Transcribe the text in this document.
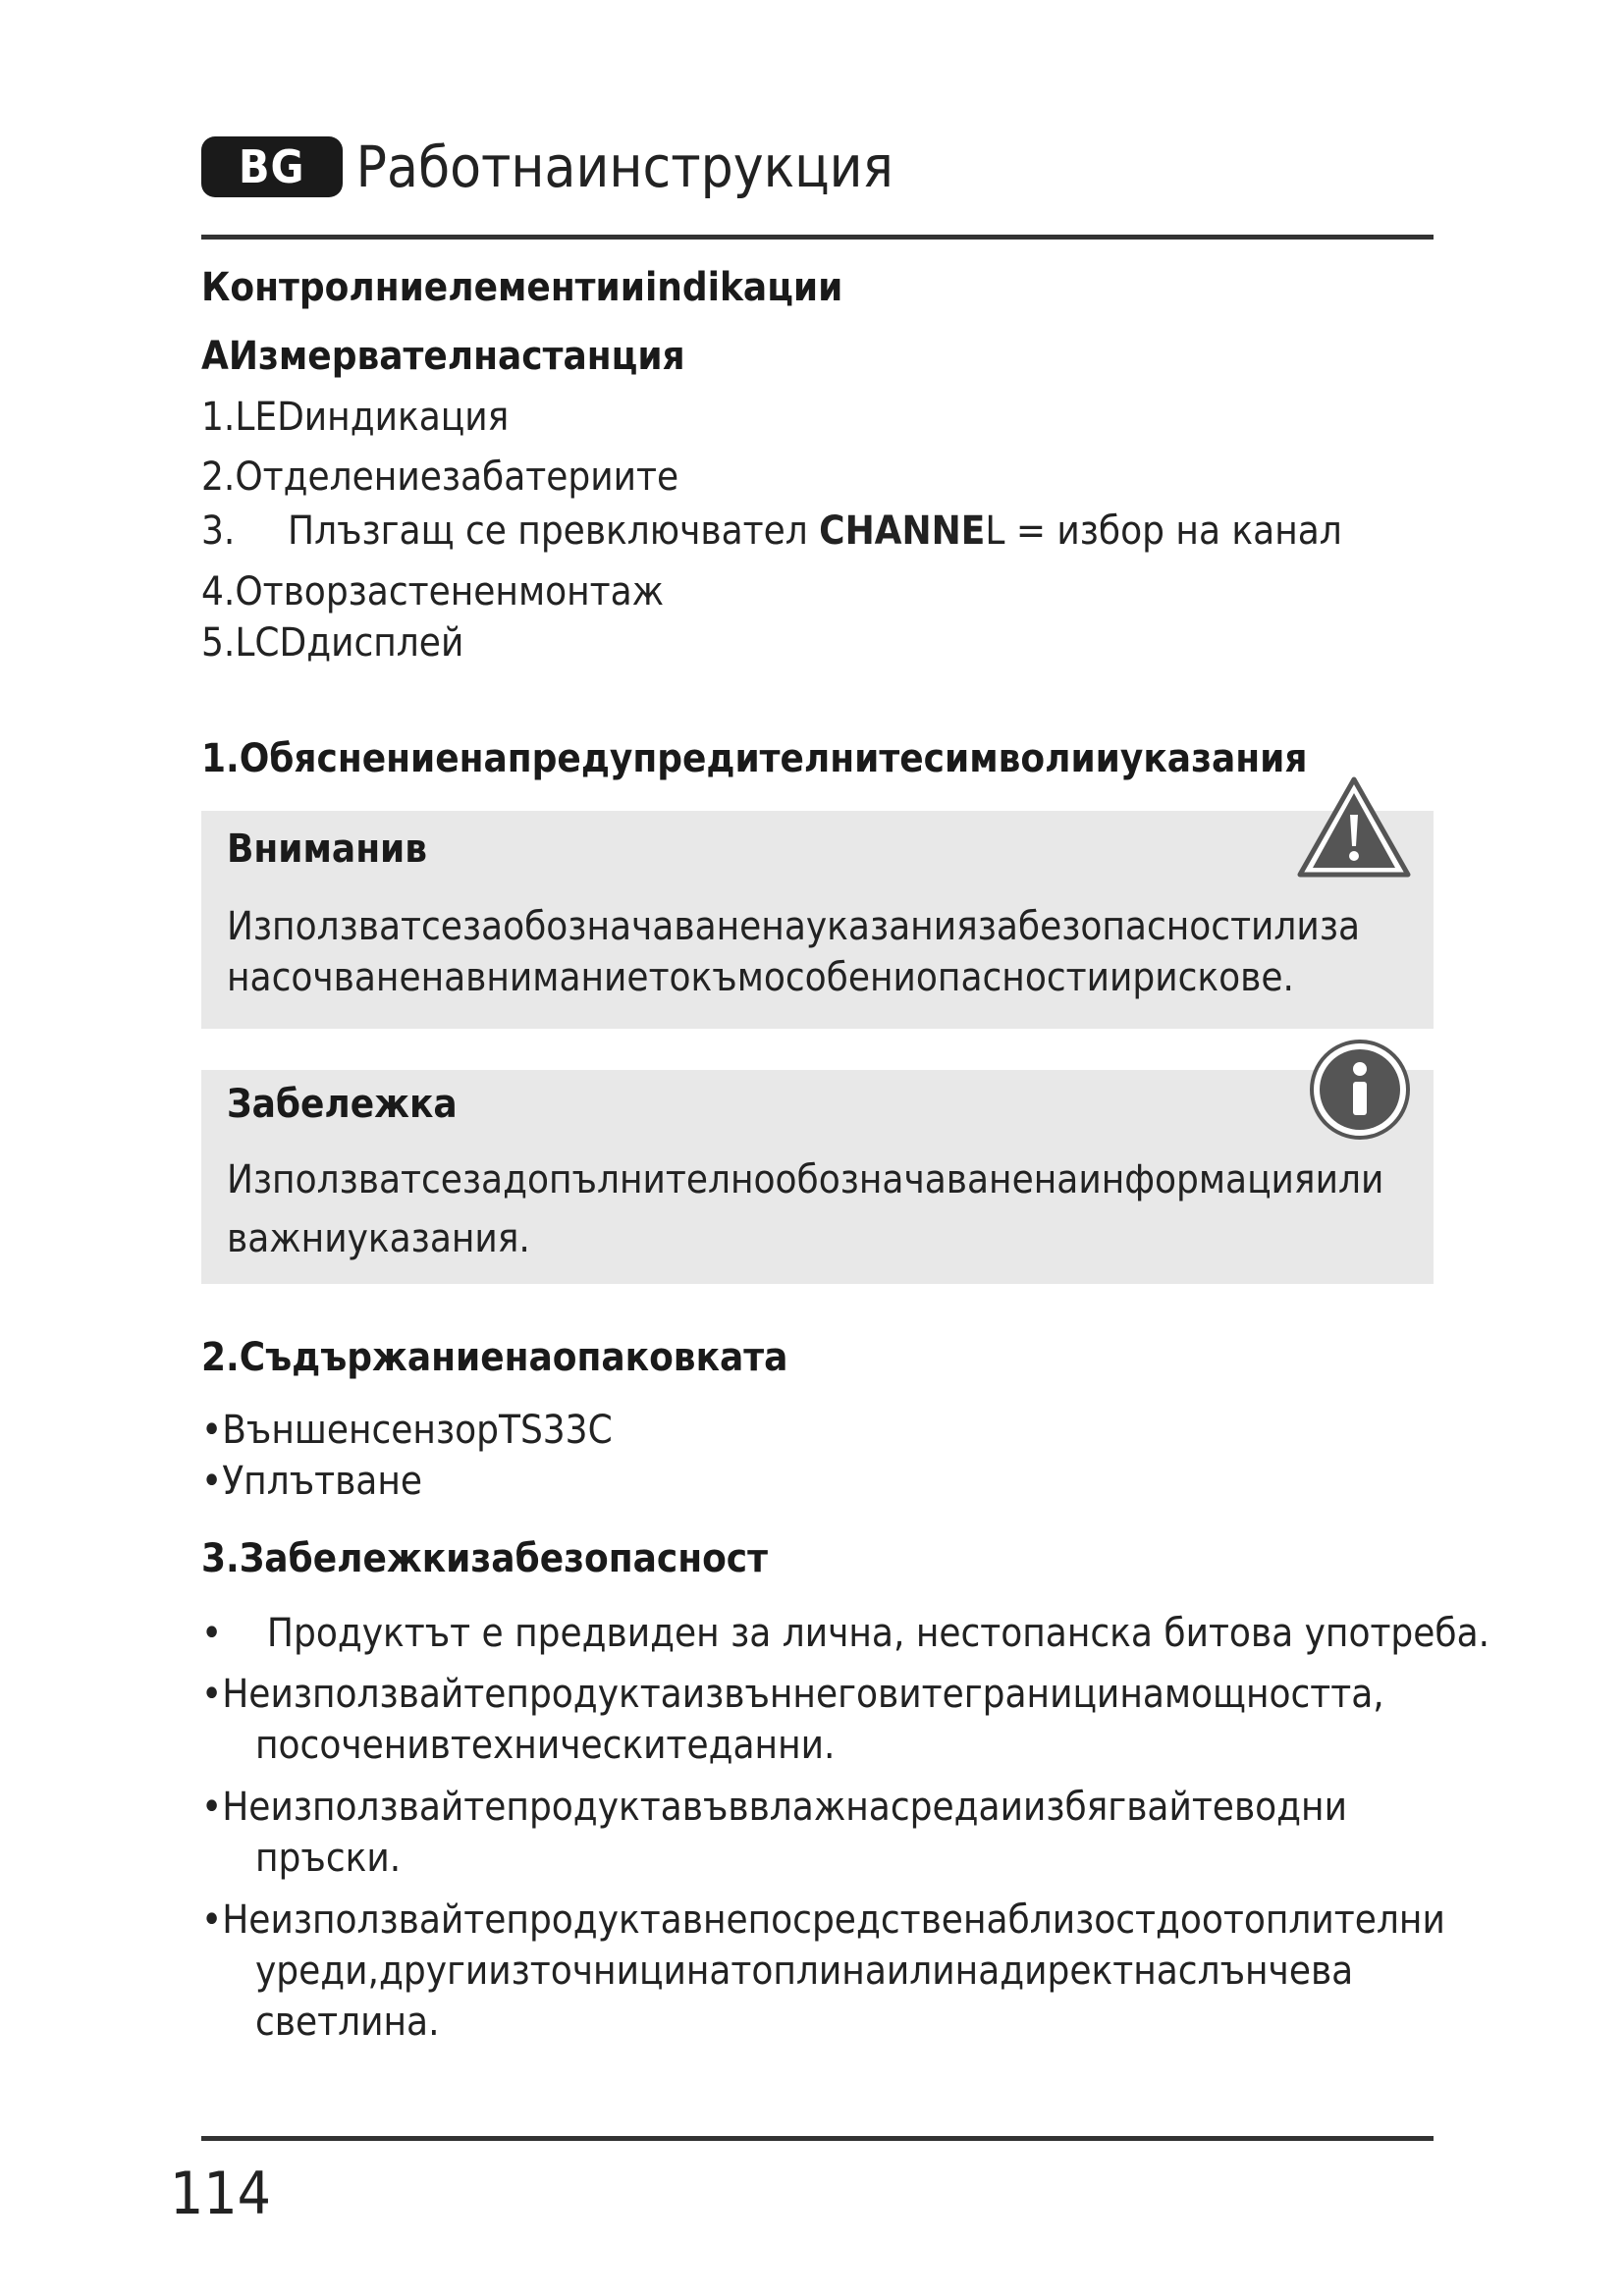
BG Работнаинструкция
Контролниелементииindikaции
АИзмервателнастанция
1.LEDиндикация
2.Отделениезабатериите
3. Плъзгащ се превключвател CHANNEL = избор на канал
4.Отворзастененмонтаж
5.LCDдисплей
1.Обяснениенапредупредителнитесимволииуказания
Вниманив
Използватсезаобозначаваненауказаниязабезопасностилиза
насочваненавниманиетокъмособениопасностиирискове.
Забележка
Използватсезадопълнителнообозначаваненаинформацияили
важниуказания.
2.Съдържаниенаопаковката
•ВъншенсензорTS33C
•Уплътване
3.Забележкизабезопасност
•    Продуктът е предвиден за лична, нестопанска битова употреба.
•Неизползвайтепродуктаизвъннеговитеграницинамощността,
посоченивтехническитеданни.
•Неизползвайтепродуктавъввлажнасредаиизбягвайтеводни
пръски.
•Неизползвайтепродуктавнепосредственаблизостдоотоплителни
уреди,другиизточницинатоплинаилинадиректнаслънчева
светлина.
114
